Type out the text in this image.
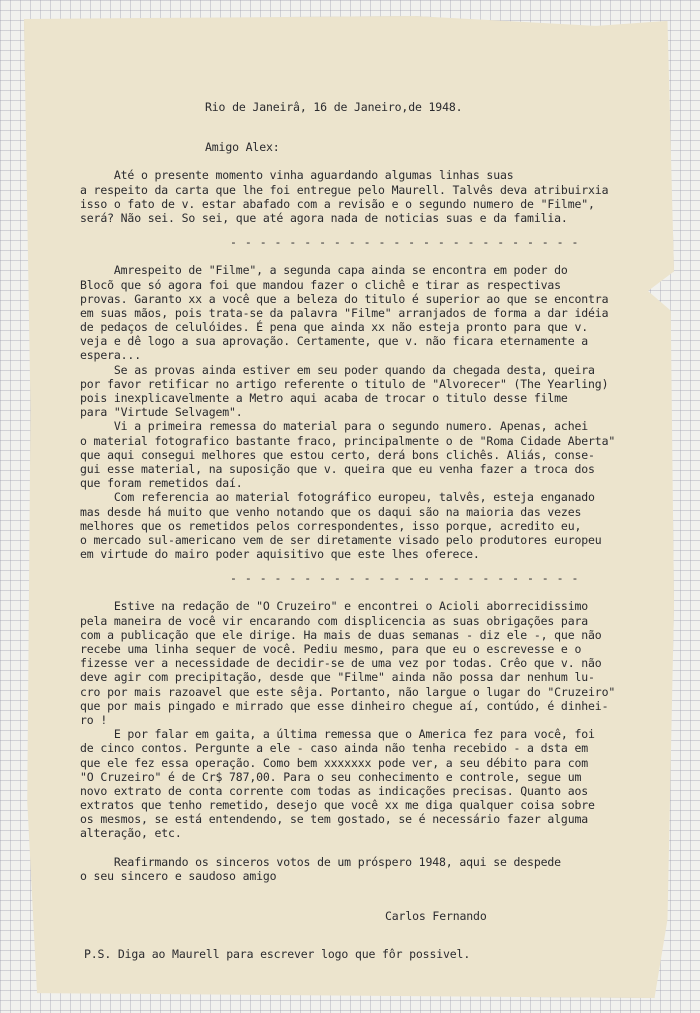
Rio de Janeirâ, 16 de Janeiro,de 1948.
Amigo Alex:
Até o presente momento vinha aguardando algumas linhas suas
a respeito da carta que lhe foi entregue pelo Maurell. Talvês deva atribuirxia
isso o fato de v. estar abafado com a revisão e o segundo numero de "Filme",
será? Não sei. So sei, que até agora nada de noticias suas e da familia.
- - - - - - - - - - - - - - - - - - - - - - - -
Amrespeito de "Filme", a segunda capa ainda se encontra em poder do
Blocõ que só agora foi que mandou fazer o clichê e tirar as respectivas
provas. Garanto xx a você que a beleza do titulo é superior ao que se encontra
em suas mãos, pois trata-se da palavra "Filme" arranjados de forma a dar idéia
de pedaços de celulóides. É pena que ainda xx não esteja pronto para que v.
veja e dê logo a sua aprovação. Certamente, que v. não ficara eternamente a
espera...
Se as provas ainda estiver em seu poder quando da chegada desta, queira
por favor retificar no artigo referente o titulo de "Alvorecer" (The Yearling)
pois inexplicavelmente a Metro aqui acaba de trocar o titulo desse filme
para "Virtude Selvagem".
Vi a primeira remessa do material para o segundo numero. Apenas, achei
o material fotografico bastante fraco, principalmente o de "Roma Cidade Aberta"
que aqui consegui melhores que estou certo, derá bons clichês. Aliás, conse-
gui esse material, na suposição que v. queira que eu venha fazer a troca dos
que foram remetidos daí.
Com referencia ao material fotográfico europeu, talvês, esteja enganado
mas desde há muito que venho notando que os daqui são na maioria das vezes
melhores que os remetidos pelos correspondentes, isso porque, acredito eu,
o mercado sul-americano vem de ser diretamente visado pelo produtores europeu
em virtude do mairo poder aquisitivo que este lhes oferece.
- - - - - - - - - - - - - - - - - - - - - - - -
Estive na redação de "O Cruzeiro" e encontrei o Acioli aborrecidissimo
pela maneira de você vir encarando com displicencia as suas obrigações para
com a publicação que ele dirige. Ha mais de duas semanas - diz ele -, que não
recebe uma linha sequer de você. Pediu mesmo, para que eu o escrevesse e o
fizesse ver a necessidade de decidir-se de uma vez por todas. Crêo que v. não
deve agir com precipitação, desde que "Filme" ainda não possa dar nenhum lu-
cro por mais razoavel que este sêja. Portanto, não largue o lugar do "Cruzeiro"
que por mais pingado e mirrado que esse dinheiro chegue aí, contúdo, é dinhei-
ro !
E por falar em gaita, a última remessa que o America fez para você, foi
de cinco contos. Pergunte a ele - caso ainda não tenha recebido - a dsta em
que ele fez essa operação. Como bem xxxxxxx pode ver, a seu débito para com
"O Cruzeiro" é de Cr$ 787,00. Para o seu conhecimento e controle, segue um
novo extrato de conta corrente com todas as indicações precisas. Quanto aos
extratos que tenho remetido, desejo que você xx me diga qualquer coisa sobre
os mesmos, se está entendendo, se tem gostado, se é necessário fazer alguma
alteração, etc.
Reafirmando os sinceros votos de um próspero 1948, aqui se despede
o seu sincero e saudoso amigo
Carlos Fernando
P.S. Diga ao Maurell para escrever logo que fôr possivel.
